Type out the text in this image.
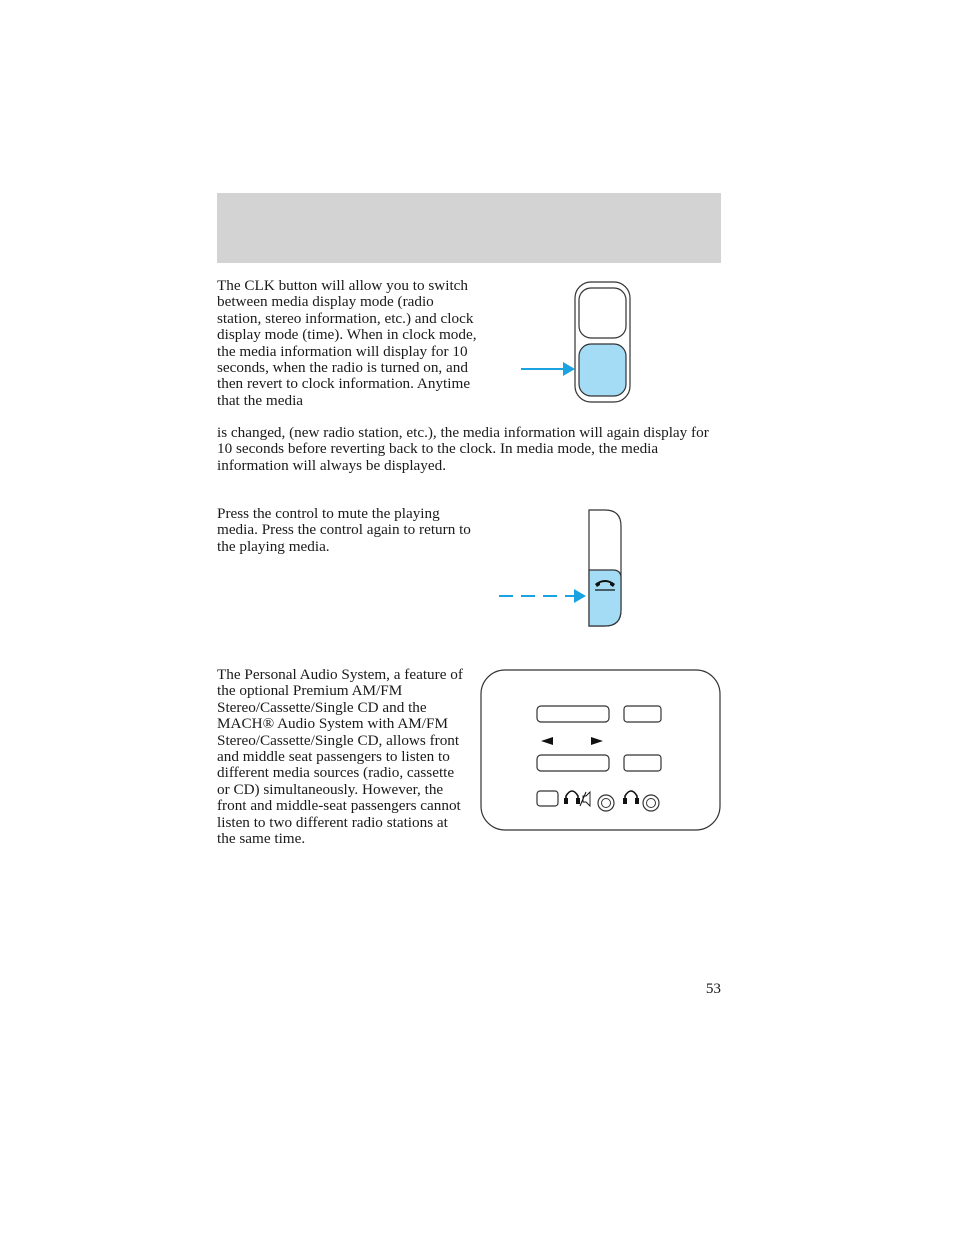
The CLK button will allow you to switch between media display mode (radio station, stereo information, etc.) and clock display mode (time). When in clock mode, the media information will display for 10 seconds, when the radio is turned on, and then revert to clock information. Anytime that the media

is changed, (new radio station, etc.), the media information will again display for 10 seconds before reverting back to the clock. In media mode, the media information will always be displayed.

Press the control to mute the playing media. Press the control again to return to the playing media.

The Personal Audio System, a feature of the optional Premium AM/FM Stereo/Cassette/Single CD and the MACH® Audio System with AM/FM Stereo/Cassette/Single CD, allows front and middle seat passengers to listen to different media sources (radio, cassette or CD) simultaneously. However, the front and middle-seat passengers cannot listen to two different radio stations at the same time.

53
